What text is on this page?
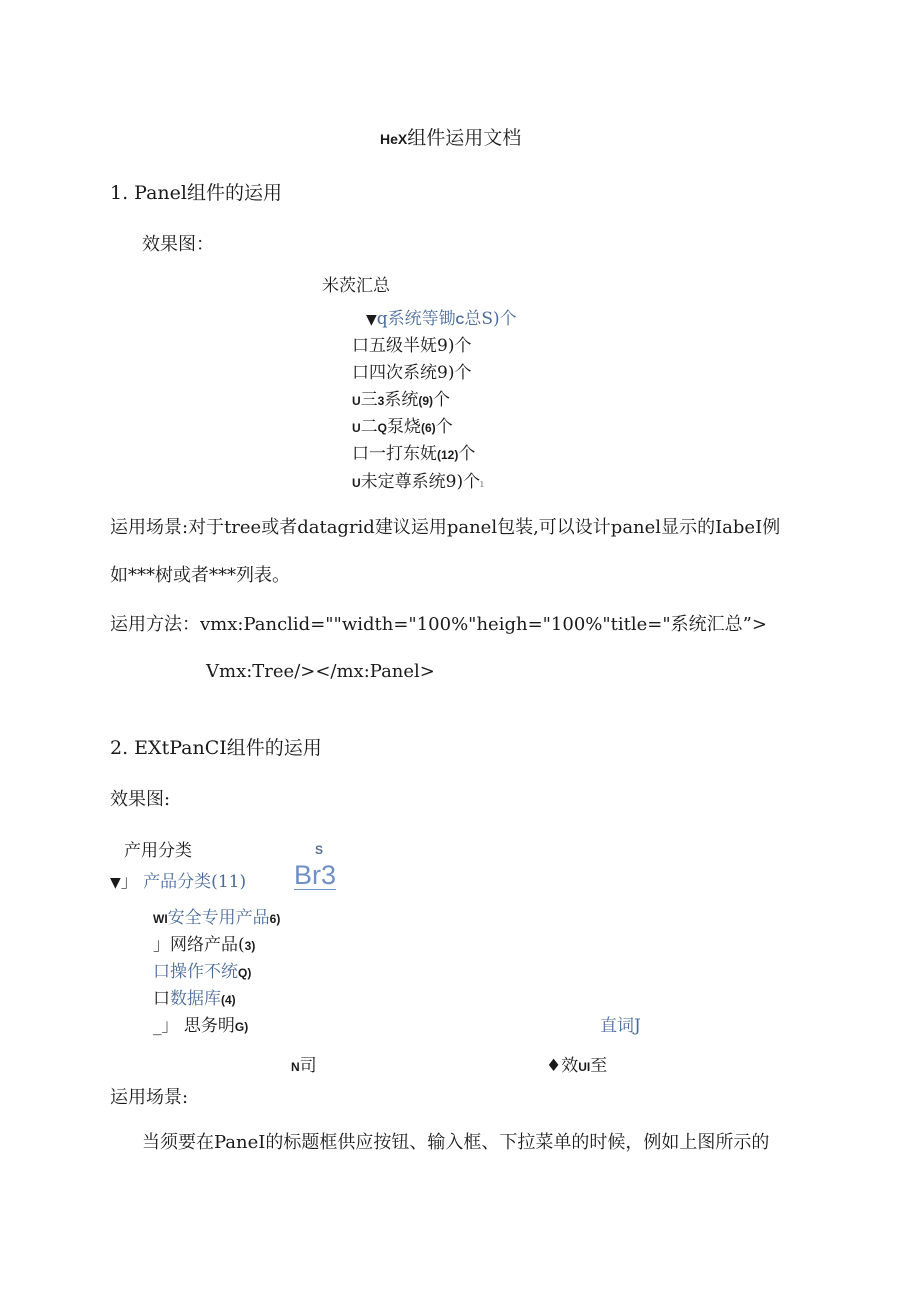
HeX组件运用文档
1. Panel组件的运用
效果图：
米茨汇总
▼q系统等锄C总S)个
口五级半妩9)个
口四次系统9)个
U三3系统(9)个
U二Q泵烧(6)个
口一打东妩(12)个
U未定尊系统9)个ı
运用场景:对于tree或者datagrid建议运用panel包装,可以设计panel显示的IabeI例
如***树或者***列表。
运用方法：vmx:Panclid=""width="100%"heigh="100%"title="系统汇总”>
Vmx:Tree∕></mx:Panel>
2. EXtPanCI组件的运用
效果图:
产用分类	S
▼」 产品分类(11) Br3
WI安全专用产品6)
」网络产品(3)
口操作不统Q)
口数据库(4)
_」 思务明G)	直词J
N司	♦效UI至
运用场景:
当须要在PaneI的标题框供应按钮、输入框、下拉菜单的时候，例如上图所示的
